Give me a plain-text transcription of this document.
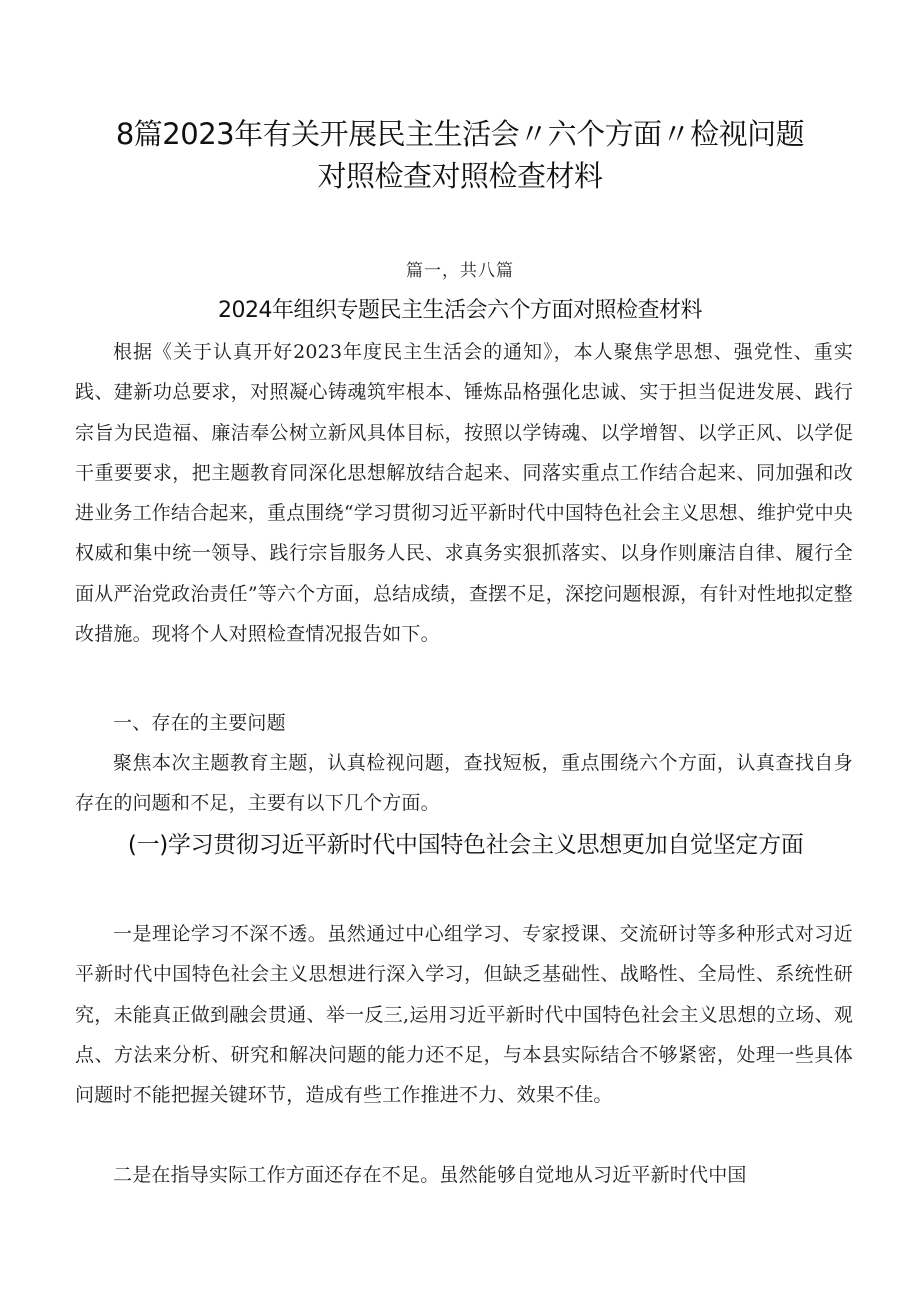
8篇2023年有关开展民主生活会〃六个方面〃检视问题
对照检查对照检查材料
篇一，共八篇
2024年组织专题民主生活会六个方面对照检查材料

根据《关于认真开好2023年度民主生活会的通知》，本人聚焦学思想、强党性、重实践、建新功总要求，对照凝心铸魂筑牢根本、锤炼品格强化忠诚、实于担当促进发展、践行宗旨为民造福、廉洁奉公树立新风具体目标，按照以学铸魂、以学增智、以学正风、以学促干重要要求，把主题教育同深化思想解放结合起来、同落实重点工作结合起来、同加强和改进业务工作结合起来，重点围绕“学习贯彻习近平新时代中国特色社会主义思想、维护党中央权威和集中统一领导、践行宗旨服务人民、求真务实狠抓落实、以身作则廉洁自律、履行全面从严治党政治责任”等六个方面，总结成绩，查摆不足，深挖问题根源，有针对性地拟定整改措施。现将个人对照检查情况报告如下。

一、存在的主要问题

聚焦本次主题教育主题，认真检视问题，查找短板，重点围绕六个方面，认真查找自身存在的问题和不足，主要有以下几个方面。

(一)学习贯彻习近平新时代中国特色社会主义思想更加自觉坚定方面

一是理论学习不深不透。虽然通过中心组学习、专家授课、交流研讨等多种形式对习近平新时代中国特色社会主义思想进行深入学习，但缺乏基础性、战略性、全局性、系统性研究，未能真正做到融会贯通、举一反三,运用习近平新时代中国特色社会主义思想的立场、观点、方法来分析、研究和解决问题的能力还不足，与本县实际结合不够紧密，处理一些具体问题时不能把握关键环节，造成有些工作推进不力、效果不佳。

二是在指导实际工作方面还存在不足。虽然能够自觉地从习近平新时代中国
